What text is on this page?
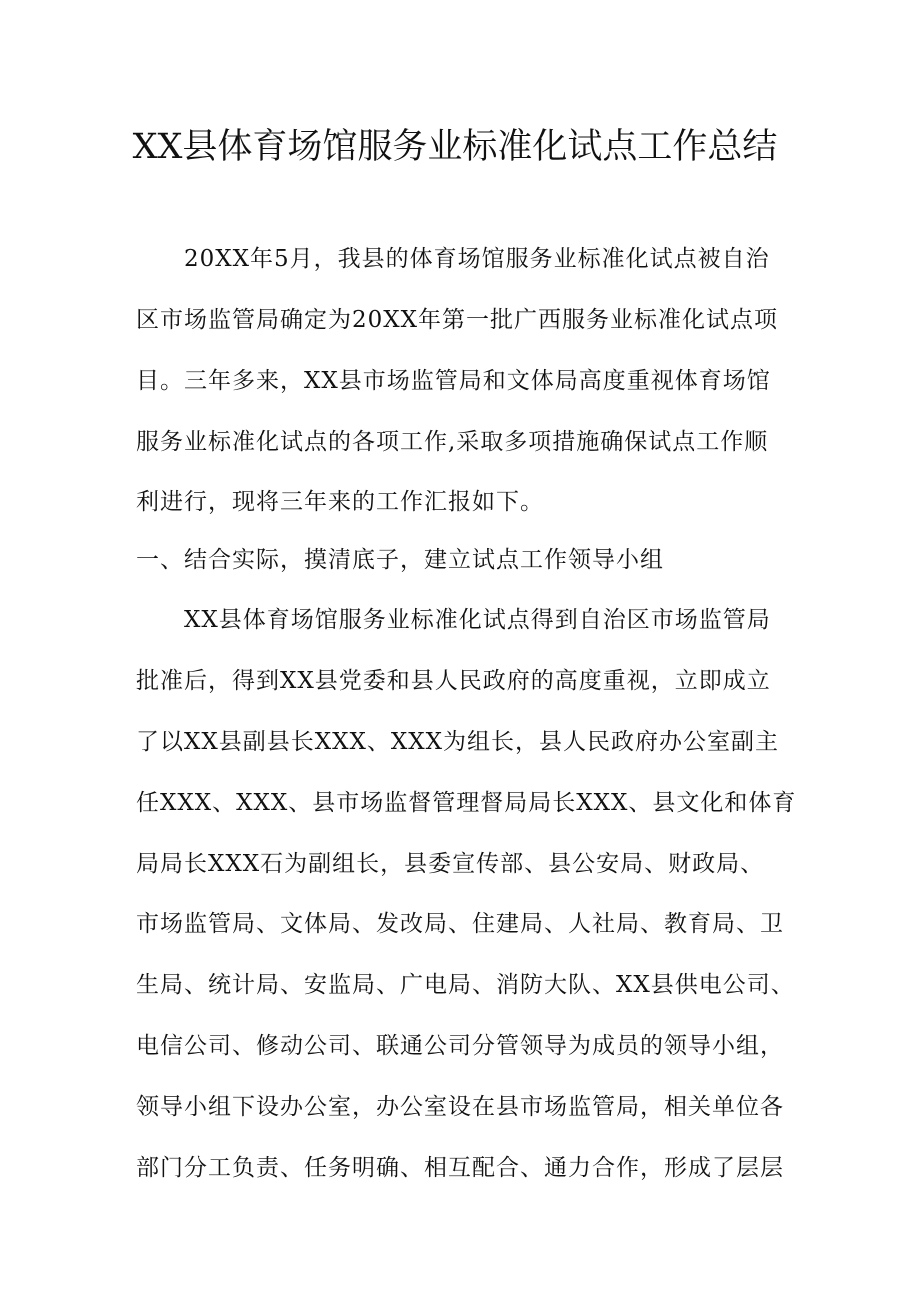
XX县体育场馆服务业标准化试点工作总结
20XX年5月，我县的体育场馆服务业标准化试点被自治
区市场监管局确定为20XX年第一批广西服务业标准化试点项
目。三年多来，XX县市场监管局和文体局高度重视体育场馆
服务业标准化试点的各项工作,采取多项措施确保试点工作顺
利进行，现将三年来的工作汇报如下。
一、结合实际，摸清底子，建立试点工作领导小组
XX县体育场馆服务业标准化试点得到自治区市场监管局
批准后，得到XX县党委和县人民政府的高度重视，立即成立
了以XX县副县长XXX、XXX为组长，县人民政府办公室副主
任XXX、XXX、县市场监督管理督局局长XXX、县文化和体育
局局长XXX石为副组长，县委宣传部、县公安局、财政局、
市场监管局、文体局、发改局、住建局、人社局、教育局、卫
生局、统计局、安监局、广电局、消防大队、XX县供电公司、
电信公司、修动公司、联通公司分管领导为成员的领导小组，
领导小组下设办公室，办公室设在县市场监管局，相关单位各
部门分工负责、任务明确、相互配合、通力合作，形成了层层
